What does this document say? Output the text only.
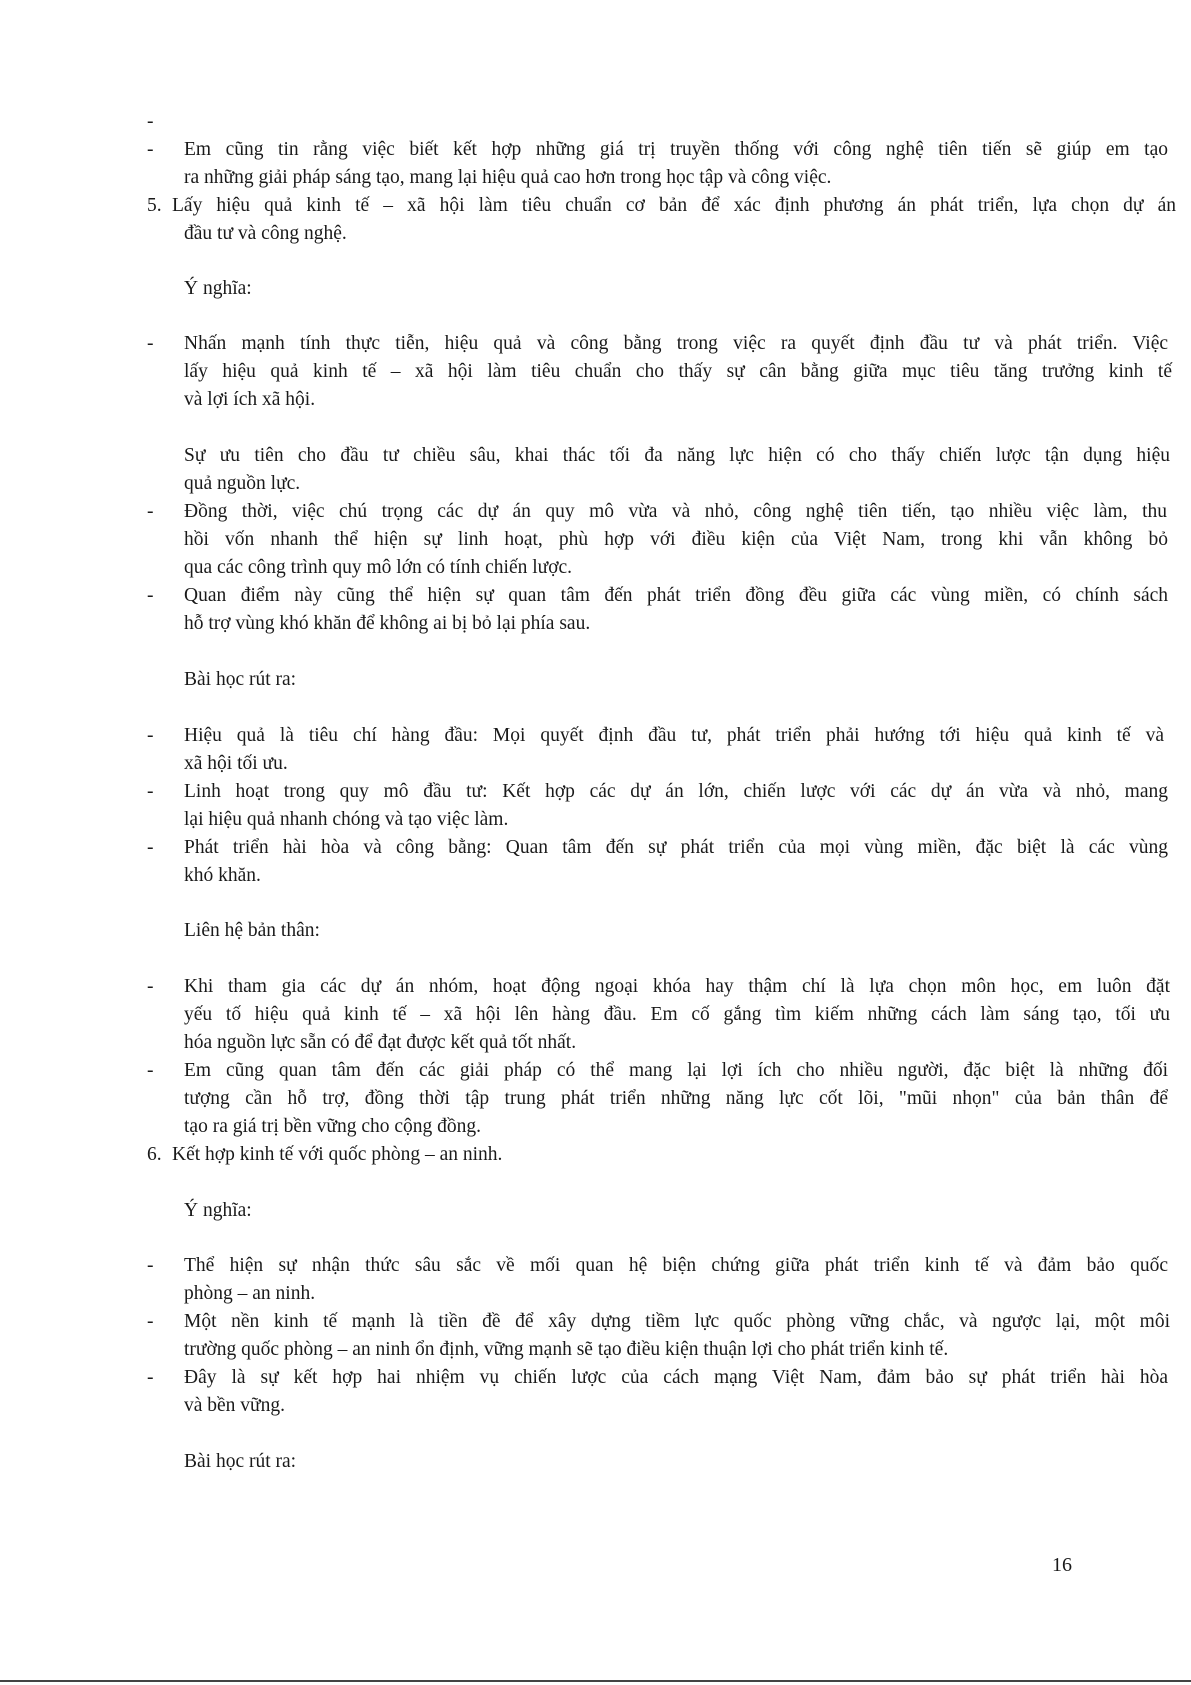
-
- Em cũng tin rằng việc biết kết hợp những giá trị truyền thống với công nghệ tiên tiến sẽ giúp em tạo
ra những giải pháp sáng tạo, mang lại hiệu quả cao hơn trong học tập và công việc.
5. Lấy hiệu quả kinh tế – xã hội làm tiêu chuẩn cơ bản để xác định phương án phát triển, lựa chọn dự án
đầu tư và công nghệ.
Ý nghĩa:
- Nhấn mạnh tính thực tiễn, hiệu quả và công bằng trong việc ra quyết định đầu tư và phát triển. Việc
lấy hiệu quả kinh tế – xã hội làm tiêu chuẩn cho thấy sự cân bằng giữa mục tiêu tăng trưởng kinh tế
và lợi ích xã hội.
Sự ưu tiên cho đầu tư chiều sâu, khai thác tối đa năng lực hiện có cho thấy chiến lược tận dụng hiệu
quả nguồn lực.
- Đồng thời, việc chú trọng các dự án quy mô vừa và nhỏ, công nghệ tiên tiến, tạo nhiều việc làm, thu
hồi vốn nhanh thể hiện sự linh hoạt, phù hợp với điều kiện của Việt Nam, trong khi vẫn không bỏ
qua các công trình quy mô lớn có tính chiến lược.
- Quan điểm này cũng thể hiện sự quan tâm đến phát triển đồng đều giữa các vùng miền, có chính sách
hỗ trợ vùng khó khăn để không ai bị bỏ lại phía sau.
Bài học rút ra:
- Hiệu quả là tiêu chí hàng đầu: Mọi quyết định đầu tư, phát triển phải hướng tới hiệu quả kinh tế và
xã hội tối ưu.
- Linh hoạt trong quy mô đầu tư: Kết hợp các dự án lớn, chiến lược với các dự án vừa và nhỏ, mang
lại hiệu quả nhanh chóng và tạo việc làm.
- Phát triển hài hòa và công bằng: Quan tâm đến sự phát triển của mọi vùng miền, đặc biệt là các vùng
khó khăn.
Liên hệ bản thân:
- Khi tham gia các dự án nhóm, hoạt động ngoại khóa hay thậm chí là lựa chọn môn học, em luôn đặt
yếu tố hiệu quả kinh tế – xã hội lên hàng đầu. Em cố gắng tìm kiếm những cách làm sáng tạo, tối ưu
hóa nguồn lực sẵn có để đạt được kết quả tốt nhất.
- Em cũng quan tâm đến các giải pháp có thể mang lại lợi ích cho nhiều người, đặc biệt là những đối
tượng cần hỗ trợ, đồng thời tập trung phát triển những năng lực cốt lõi, "mũi nhọn" của bản thân để
tạo ra giá trị bền vững cho cộng đồng.
6. Kết hợp kinh tế với quốc phòng – an ninh.
Ý nghĩa:
- Thể hiện sự nhận thức sâu sắc về mối quan hệ biện chứng giữa phát triển kinh tế và đảm bảo quốc
phòng – an ninh.
- Một nền kinh tế mạnh là tiền đề để xây dựng tiềm lực quốc phòng vững chắc, và ngược lại, một môi
trường quốc phòng – an ninh ổn định, vững mạnh sẽ tạo điều kiện thuận lợi cho phát triển kinh tế.
- Đây là sự kết hợp hai nhiệm vụ chiến lược của cách mạng Việt Nam, đảm bảo sự phát triển hài hòa
và bền vững.
Bài học rút ra:
16
